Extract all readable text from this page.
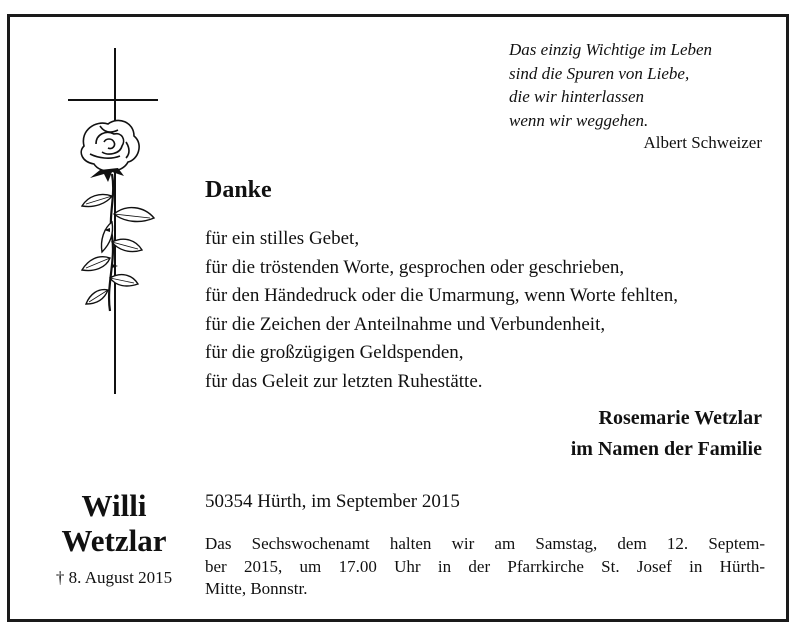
Das einzig Wichtige im Leben
sind die Spuren von Liebe,
die wir hinterlassen
wenn wir weggehen.
Albert Schweizer
Danke
für ein stilles Gebet,
für die tröstenden Worte, gesprochen oder geschrieben,
für den Händedruck oder die Umarmung, wenn Worte fehlten,
für die Zeichen der Anteilnahme und Verbundenheit,
für die großzügigen Geldspenden,
für das Geleit zur letzten Ruhestätte.
Rosemarie Wetzlar
im Namen der Familie
Willi
Wetzlar
† 8. August 2015
50354 Hürth, im September 2015
Das Sechswochenamt halten wir am Samstag, dem 12. Septem-
ber 2015, um 17.00 Uhr in der Pfarrkirche St. Josef in Hürth-
Mitte, Bonnstr.
